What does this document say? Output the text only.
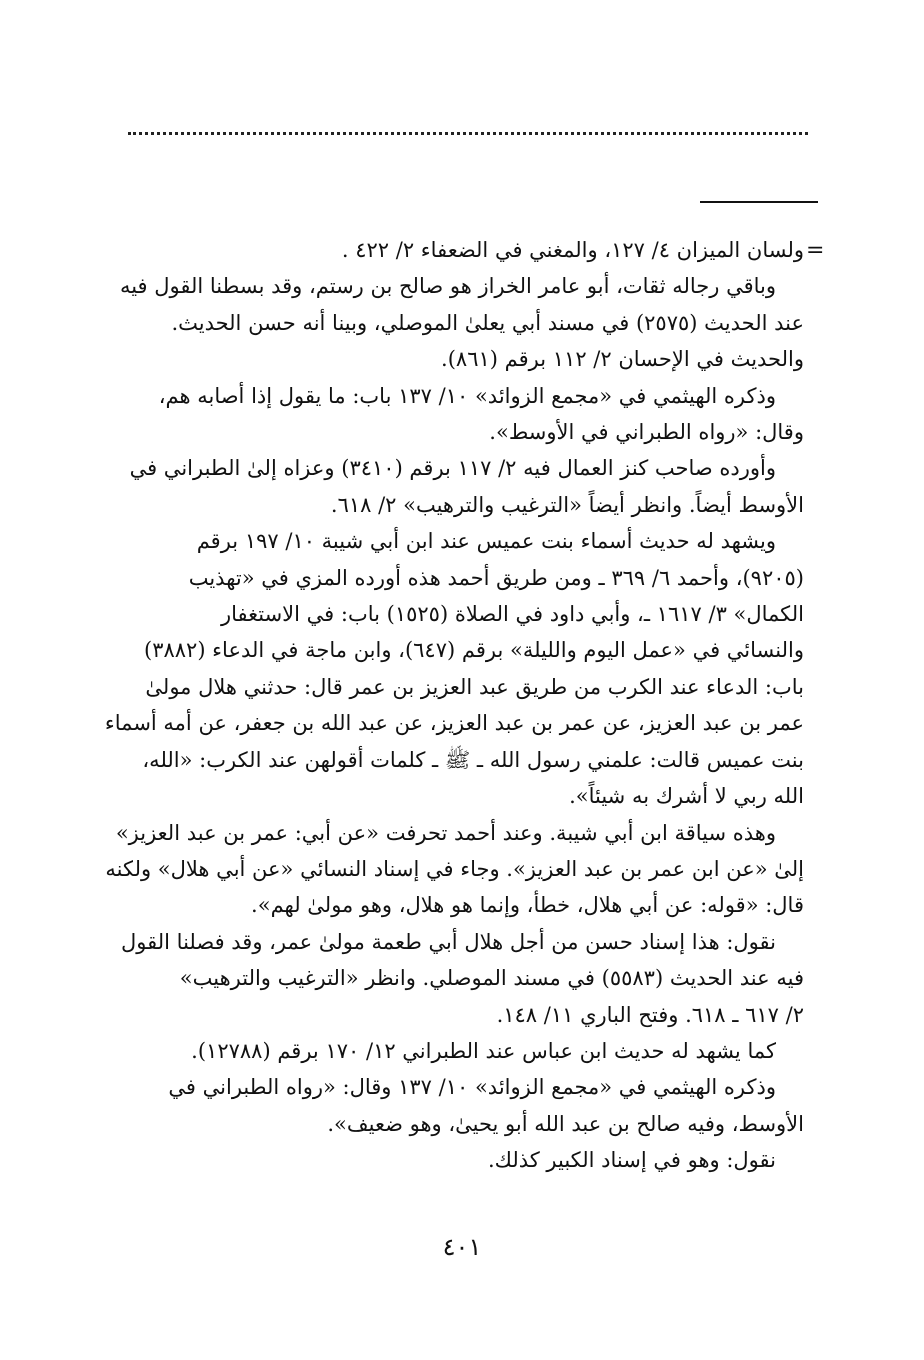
=
ولسان الميزان ٤/ ١٢٧، والمغني في الضعفاء ٢/ ٤٢٢ .
وباقي رجاله ثقات، أبو عامر الخراز هو صالح بن رستم، وقد بسطنا القول فيه
عند الحديث (٢٥٧٥) في مسند أبي يعلىٰ الموصلي، وبينا أنه حسن الحديث.
والحديث في الإحسان ٢/ ١١٢ برقم (٨٦١).
وذكره الهيثمي في «مجمع الزوائد» ١٠/ ١٣٧ باب: ما يقول إذا أصابه هم،
وقال: «رواه الطبراني في الأوسط».
وأورده صاحب كنز العمال فيه ٢/ ١١٧ برقم (٣٤١٠) وعزاه إلىٰ الطبراني في
الأوسط أيضاً. وانظر أيضاً «الترغيب والترهيب» ٢/ ٦١٨.
ويشهد له حديث أسماء بنت عميس عند ابن أبي شيبة ١٠/ ١٩٧ برقم
(٩٢٠٥)، وأحمد ٦/ ٣٦٩ ـ ومن طريق أحمد هذه أورده المزي في «تهذيب
الكمال» ٣/ ١٦١٧ ـ، وأبي داود في الصلاة (١٥٢٥) باب: في الاستغفار
والنسائي في «عمل اليوم والليلة» برقم (٦٤٧)، وابن ماجة في الدعاء (٣٨٨٢)
باب: الدعاء عند الكرب من طريق عبد العزيز بن عمر قال: حدثني هلال مولىٰ
عمر بن عبد العزيز، عن عمر بن عبد العزيز، عن عبد الله بن جعفر، عن أمه أسماء
بنت عميس قالت: علمني رسول الله ـ ﷺ ـ كلمات أقولهن عند الكرب: «الله،
الله ربي لا أشرك به شيئاً».
وهذه سياقة ابن أبي شيبة. وعند أحمد تحرفت «عن أبي: عمر بن عبد العزيز»
إلىٰ «عن ابن عمر بن عبد العزيز». وجاء في إسناد النسائي «عن أبي هلال» ولكنه
قال: «قوله: عن أبي هلال، خطأ، وإنما هو هلال، وهو مولىٰ لهم».
نقول: هذا إسناد حسن من أجل هلال أبي طعمة مولىٰ عمر، وقد فصلنا القول
فيه عند الحديث (٥٥٨٣) في مسند الموصلي. وانظر «الترغيب والترهيب»
٢/ ٦١٧ ـ ٦١٨. وفتح الباري ١١/ ١٤٨.
كما يشهد له حديث ابن عباس عند الطبراني ١٢/ ١٧٠ برقم (١٢٧٨٨).
وذكره الهيثمي في «مجمع الزوائد» ١٠/ ١٣٧ وقال: «رواه الطبراني في
الأوسط، وفيه صالح بن عبد الله أبو يحيىٰ، وهو ضعيف».
نقول: وهو في إسناد الكبير كذلك.
٤٠١
